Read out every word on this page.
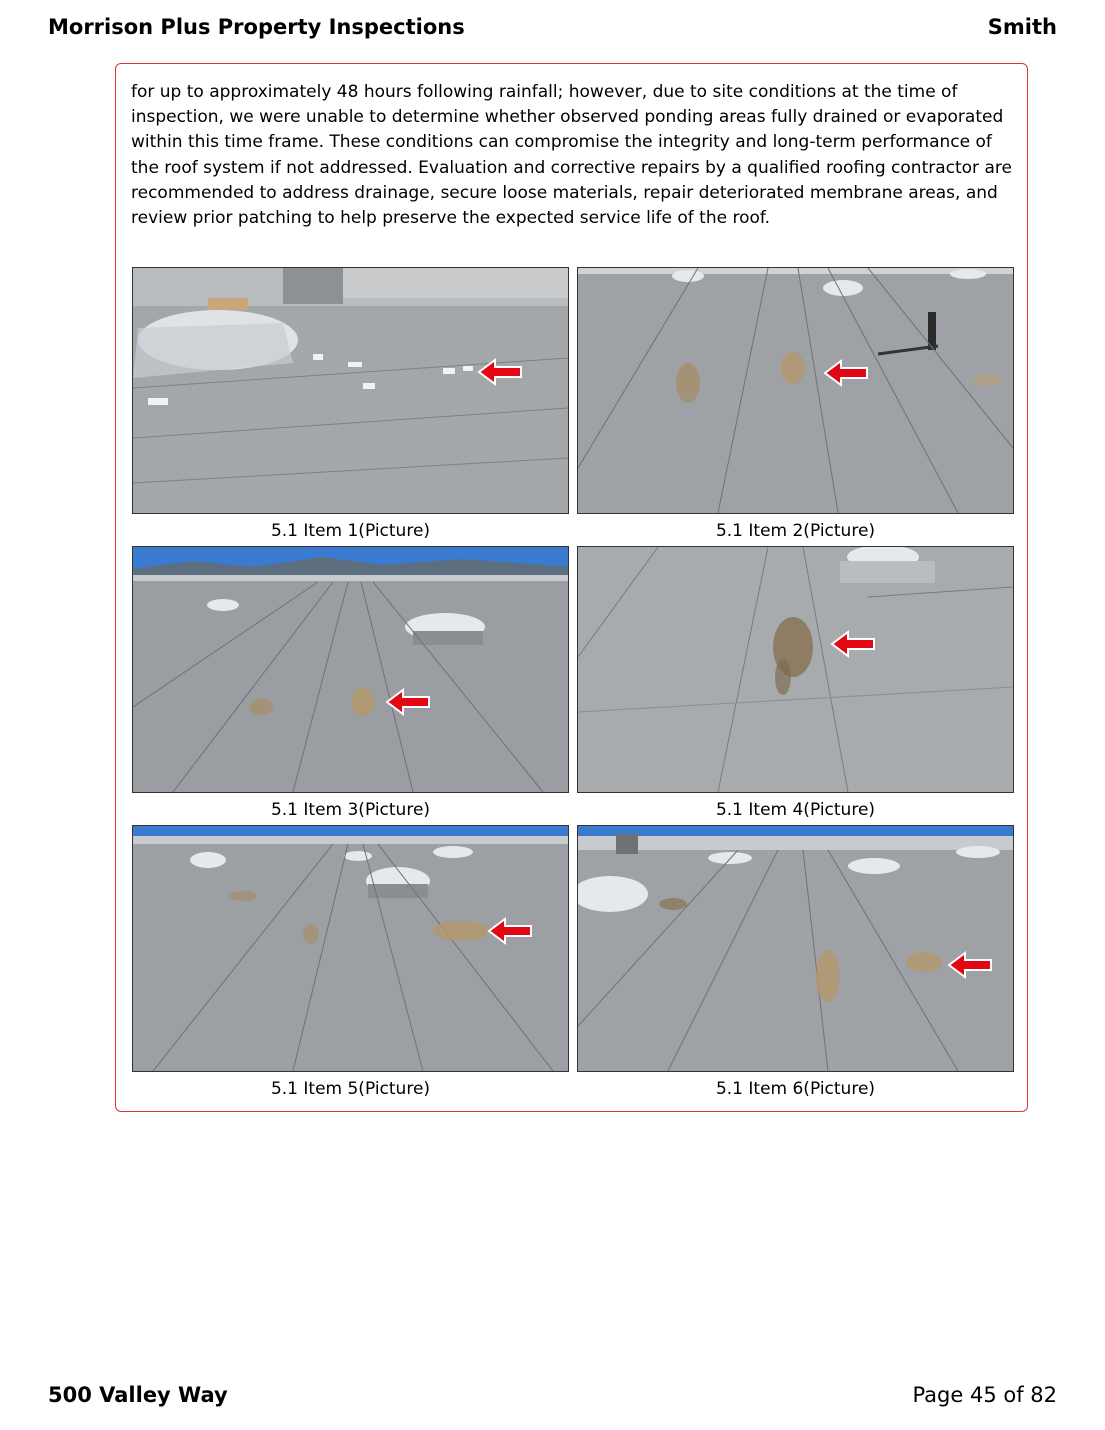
Morrison Plus Property Inspections	Smith

for up to approximately 48 hours following rainfall; however, due to site conditions at the time of inspection, we were unable to determine whether observed ponding areas fully drained or evaporated within this time frame. These conditions can compromise the integrity and long-term performance of the roof system if not addressed. Evaluation and corrective repairs by a qualified roofing contractor are recommended to address drainage, secure loose materials, repair deteriorated membrane areas, and review prior patching to help preserve the expected service life of the roof.

5.1 Item 1(Picture)	5.1 Item 2(Picture)
5.1 Item 3(Picture)	5.1 Item 4(Picture)
5.1 Item 5(Picture)	5.1 Item 6(Picture)
500 Valley Way	Page 45 of 82
